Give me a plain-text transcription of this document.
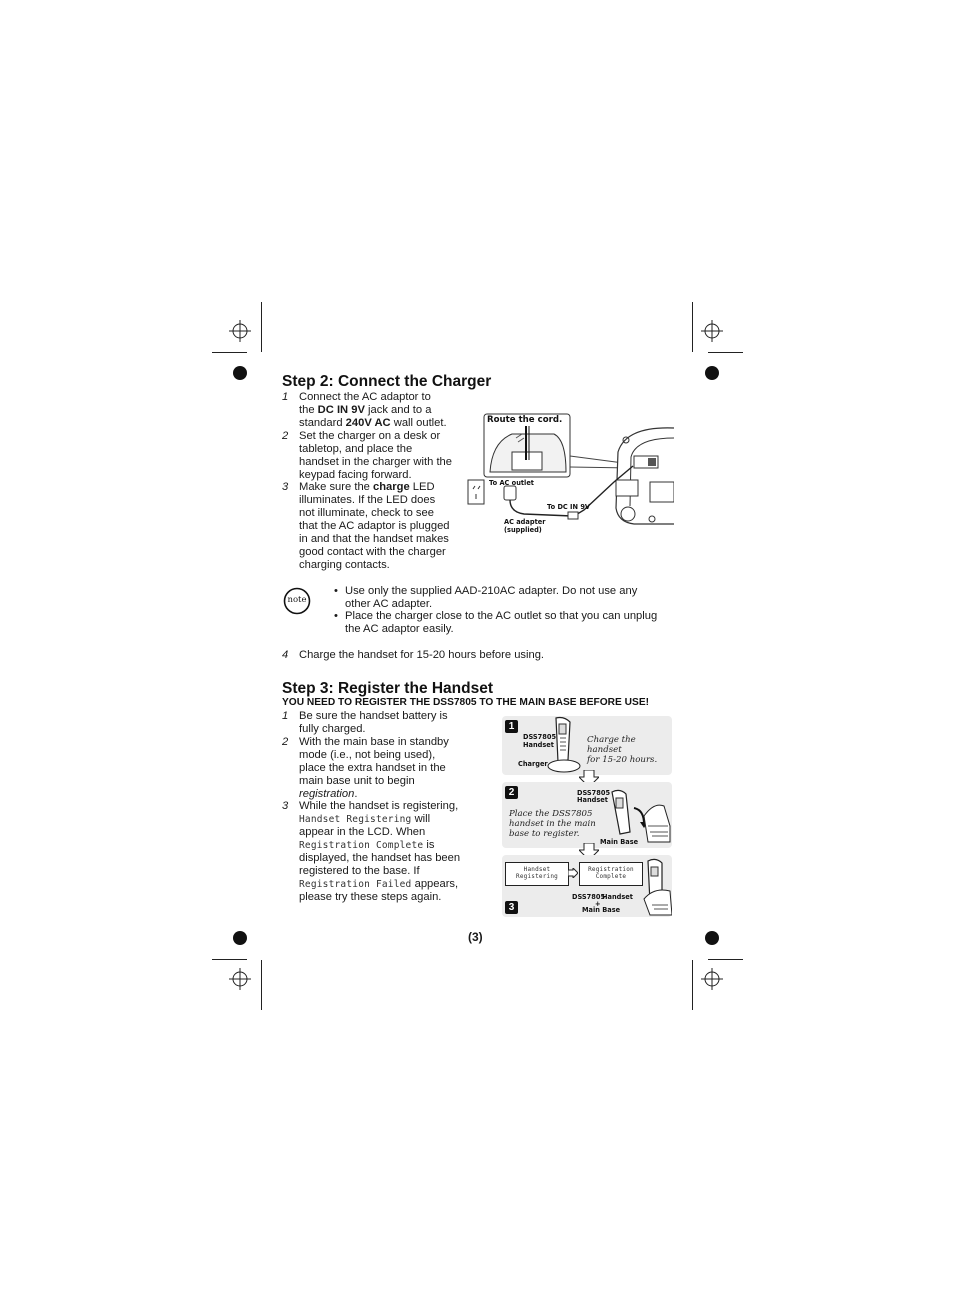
Step 2: Connect the Charger
1 Connect the AC adaptor to
the DC IN 9V jack and to a
standard 240V AC wall outlet.
2 Set the charger on a desk or
tabletop, and place the
handset in the charger with the
keypad facing forward.
3 Make sure the charge LED
illuminates. If the LED does
not illuminate, check to see
that the AC adaptor is plugged
in and that the handset makes
good contact with the charger
charging contacts.
Route the cord.
To AC outlet
To DC IN 9V
AC adapter
(supplied)
note
• Use only the supplied AAD-210AC adapter. Do not use any
other AC adapter.
• Place the charger close to the AC outlet so that you can unplug
the AC adaptor easily.
4 Charge the handset for 15-20 hours before using.
Step 3: Register the Handset
YOU NEED TO REGISTER THE DSS7805 TO THE MAIN BASE BEFORE USE!
1 Be sure the handset battery is
fully charged.
2 With the main base in standby
mode (i.e., not being used),
place the extra handset in the
main base unit to begin
registration.
3 While the handset is registering,
Handset Registering will
appear in the LCD. When
Registration Complete is
displayed, the handset has been
registered to the base. If
Registration Failed appears,
please try these steps again.
1
DSS7805
Handset
Charger
Charge the handset
for 15-20 hours.
2	DSS7805
Handset
Place the DSS7805
handset in the main
base to register.
Main Base
Handset
Registering
Registration
Complete
3
DSS7805
Handset
+
Main Base
(3)
